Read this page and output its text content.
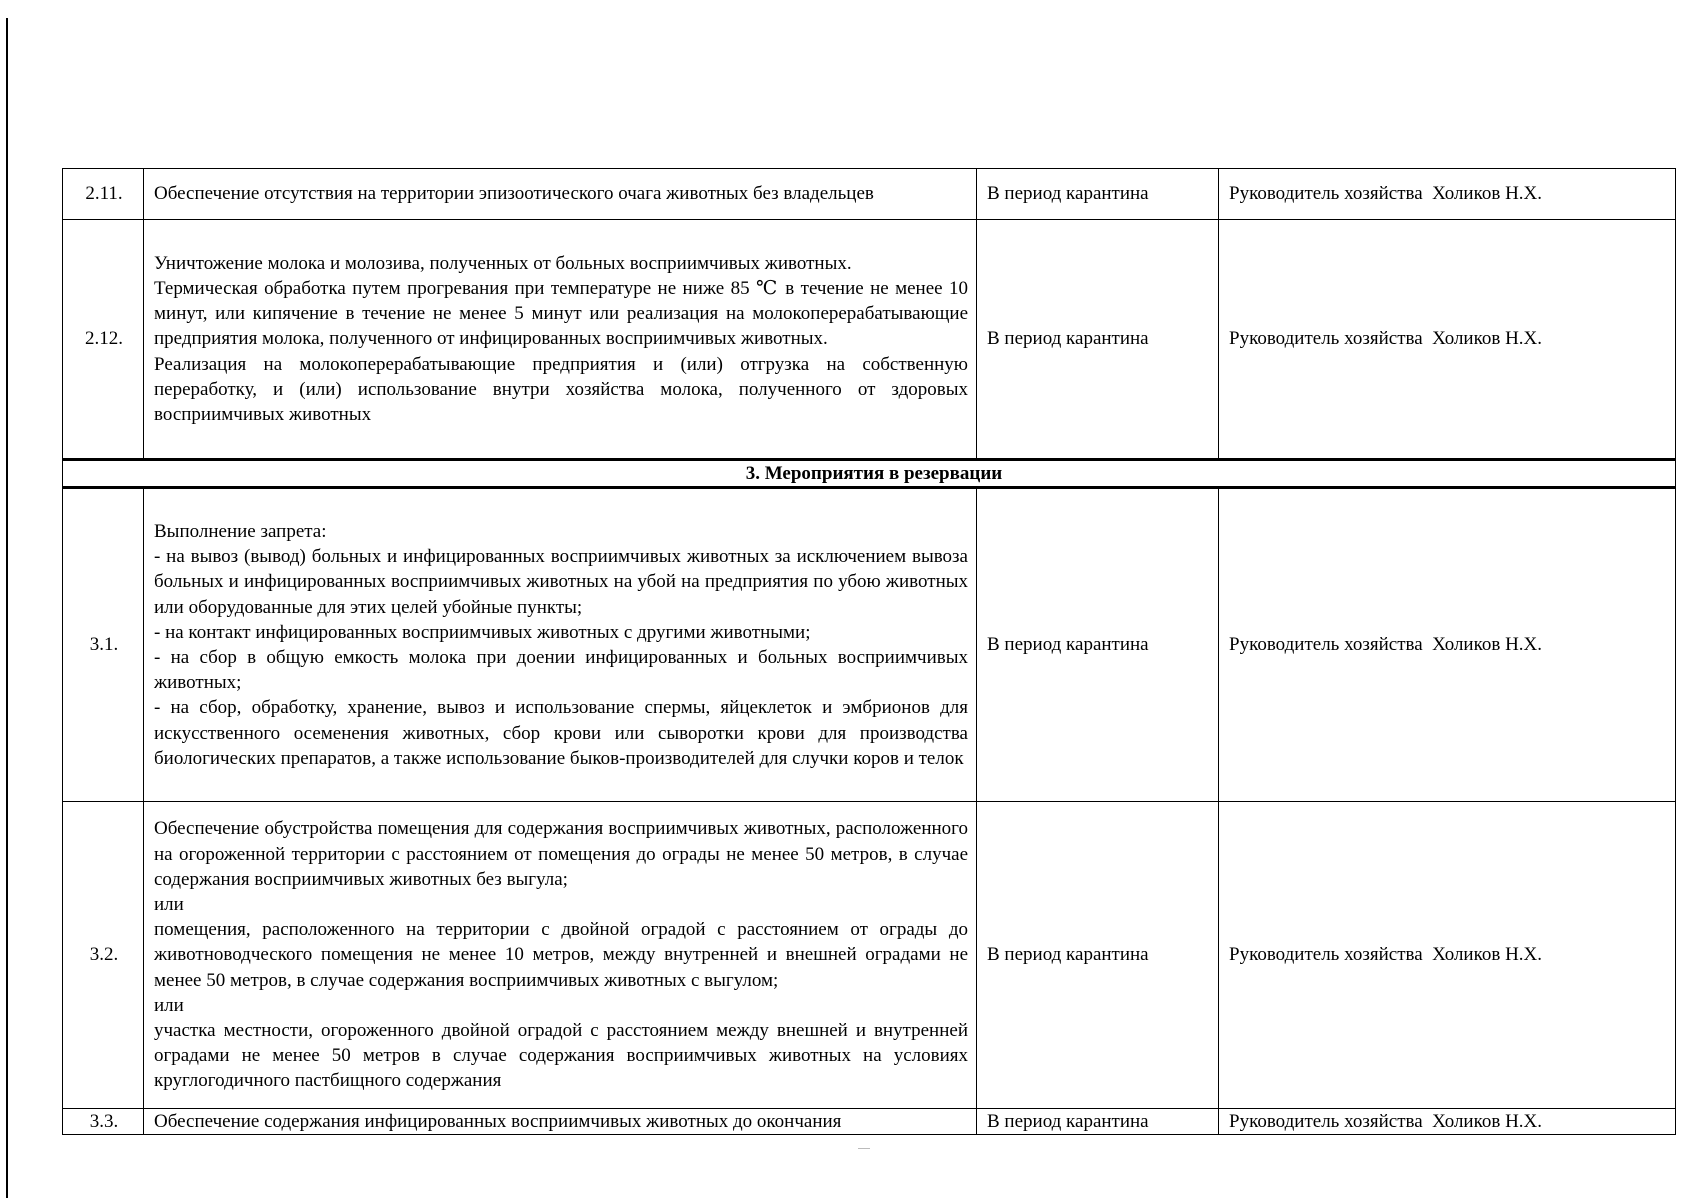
2.11.	Обеспечение отсутствия на территории эпизоотического очага животных без владельцев	В период карантина	Руководитель хозяйства  Холиков Н.Х.
2.12.	Уничтожение молока и молозива, полученных от больных восприимчивых животных.

Термическая обработка путем прогревания при температуре не ниже 85 ℃ в течение не менее 10 минут, или кипячение в течение не менее 5 минут или реализация на молокоперерабатывающие предприятия молока, полученного от инфицированных восприимчивых животных.

Реализация на молокоперерабатывающие предприятия и (или) отгрузка на собственную переработку, и (или) использование внутри хозяйства молока, полученного от здоровых восприимчивых животных	В период карантина	Руководитель хозяйства  Холиков Н.Х.
3. Мероприятия в резервации			
3.1.	Выполнение запрета:

- на вывоз (вывод) больных и инфицированных восприимчивых животных за исключением вывоза больных и инфицированных восприимчивых животных на убой на предприятия по убою животных или оборудованные для этих целей убойные пункты;

- на контакт инфицированных восприимчивых животных с другими животными;

- на сбор в общую емкость молока при доении инфицированных и больных восприимчивых животных;

- на сбор, обработку, хранение, вывоз и использование спермы, яйцеклеток и эмбрионов для искусственного осеменения животных, сбор крови или сыворотки крови для производства биологических препаратов, а также использование быков-производителей для случки коров и телок	В период карантина	Руководитель хозяйства  Холиков Н.Х.
3.2.	Обеспечение обустройства помещения для содержания восприимчивых животных, расположенного на огороженной территории с расстоянием от помещения до ограды не менее 50 метров, в случае содержания восприимчивых животных без выгула;

или

помещения, расположенного на территории с двойной оградой с расстоянием от ограды до животноводческого помещения не менее 10 метров, между внутренней и внешней оградами не менее 50 метров, в случае содержания восприимчивых животных с выгулом;

или

участка местности, огороженного двойной оградой с расстоянием между внешней и внутренней оградами не менее 50 метров в случае содержания восприимчивых животных на условиях круглогодичного пастбищного содержания	В период карантина	Руководитель хозяйства  Холиков Н.Х.
3.3.	Обеспечение содержания инфицированных восприимчивых животных до окончания	В период карантина	Руководитель хозяйства  Холиков Н.Х.
